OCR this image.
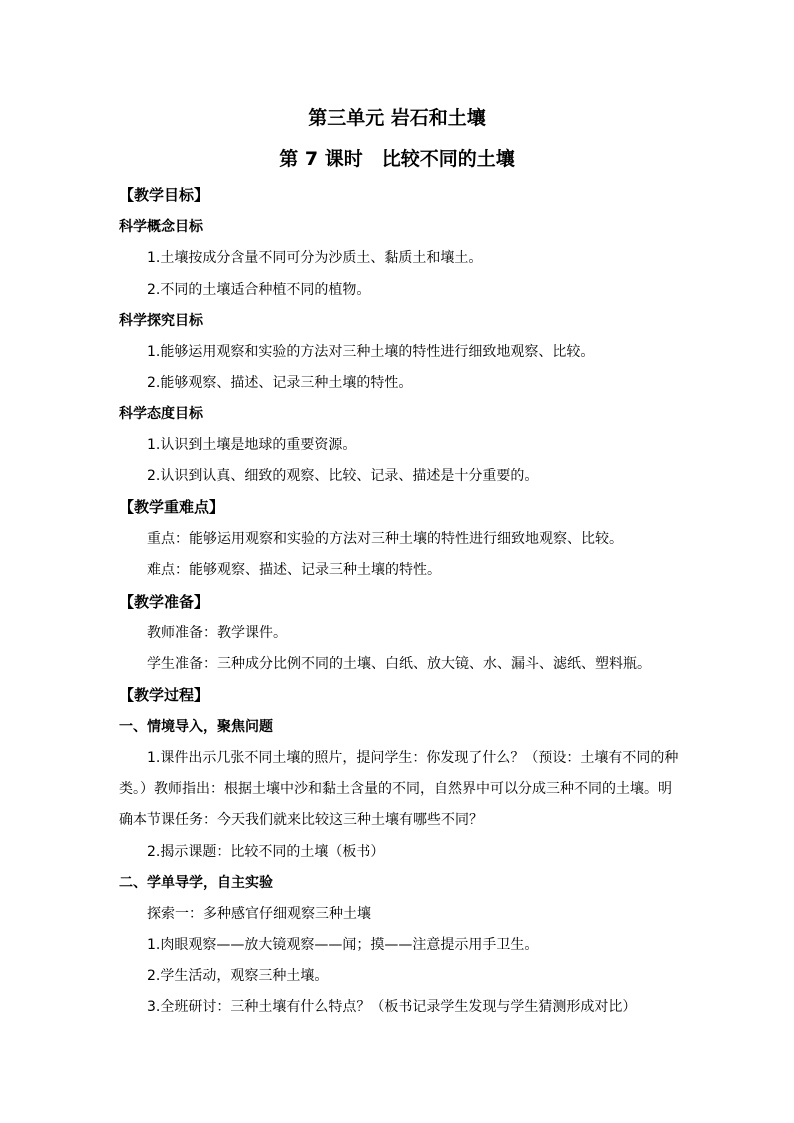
第三单元 岩石和土壤
第 7 课时　比较不同的土壤
【教学目标】
科学概念目标
1.土壤按成分含量不同可分为沙质土、黏质土和壤土。
2.不同的土壤适合种植不同的植物。
科学探究目标
1.能够运用观察和实验的方法对三种土壤的特性进行细致地观察、比较。
2.能够观察、描述、记录三种土壤的特性。
科学态度目标
1.认识到土壤是地球的重要资源。
2.认识到认真、细致的观察、比较、记录、描述是十分重要的。
【教学重难点】
重点：能够运用观察和实验的方法对三种土壤的特性进行细致地观察、比较。
难点：能够观察、描述、记录三种土壤的特性。
【教学准备】
教师准备：教学课件。
学生准备：三种成分比例不同的土壤、白纸、放大镜、水、漏斗、滤纸、塑料瓶。
【教学过程】
一、情境导入，聚焦问题
1.课件出示几张不同土壤的照片，提问学生：你发现了什么？（预设：土壤有不同的种
类。）教师指出：根据土壤中沙和黏土含量的不同，自然界中可以分成三种不同的土壤。明
确本节课任务：今天我们就来比较这三种土壤有哪些不同？
2.揭示课题：比较不同的土壤（板书）
二、学单导学，自主实验
探索一：多种感官仔细观察三种土壤
1.肉眼观察——放大镜观察——闻；摸——注意提示用手卫生。
2.学生活动，观察三种土壤。
3.全班研讨：三种土壤有什么特点？（板书记录学生发现与学生猜测形成对比）
